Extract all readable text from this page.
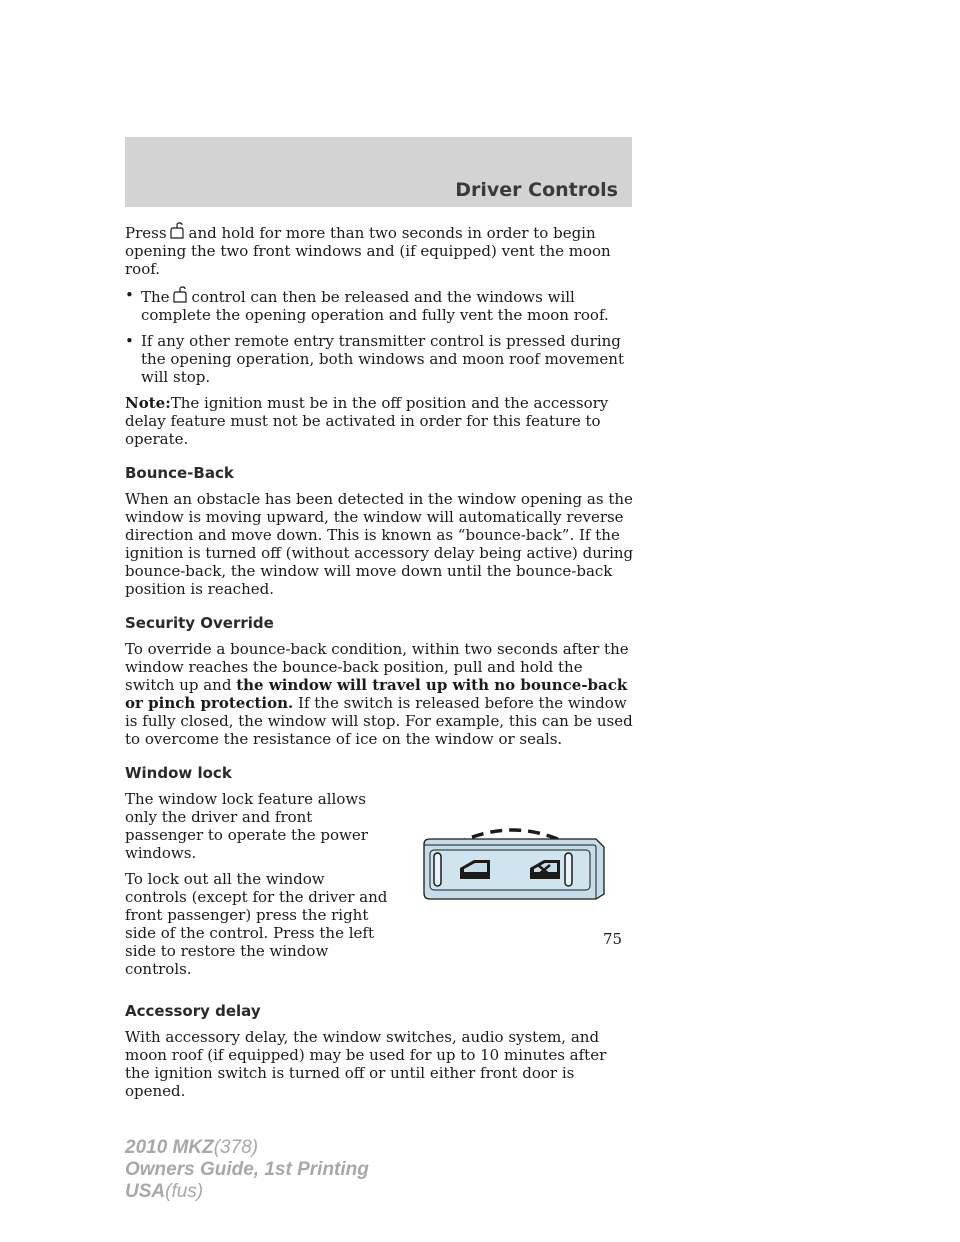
Driver Controls

Press and hold for more than two seconds in order to begin opening the two front windows and (if equipped) vent the moon roof.

• The control can then be released and the windows will complete the opening operation and fully vent the moon roof.
• If any other remote entry transmitter control is pressed during the opening operation, both windows and moon roof movement will stop.

Note:The ignition must be in the off position and the accessory delay feature must not be activated in order for this feature to operate.

Bounce-Back

When an obstacle has been detected in the window opening as the window is moving upward, the window will automatically reverse direction and move down. This is known as “bounce-back”. If the ignition is turned off (without accessory delay being active) during bounce-back, the window will move down until the bounce-back position is reached.

Security Override

To override a bounce-back condition, within two seconds after the window reaches the bounce-back position, pull and hold the switch up and the window will travel up with no bounce-back or pinch protection. If the switch is released before the window is fully closed, the window will stop. For example, this can be used to overcome the resistance of ice on the window or seals.

Window lock

The window lock feature allows only the driver and front passenger to operate the power windows.

To lock out all the window controls (except for the driver and front passenger) press the right side of the control. Press the left side to restore the window controls.

Accessory delay

With accessory delay, the window switches, audio system, and moon roof (if equipped) may be used for up to 10 minutes after the ignition switch is turned off or until either front door is opened.

75
2010 MKZ(378)
Owners Guide, 1st Printing
USA(fus)
